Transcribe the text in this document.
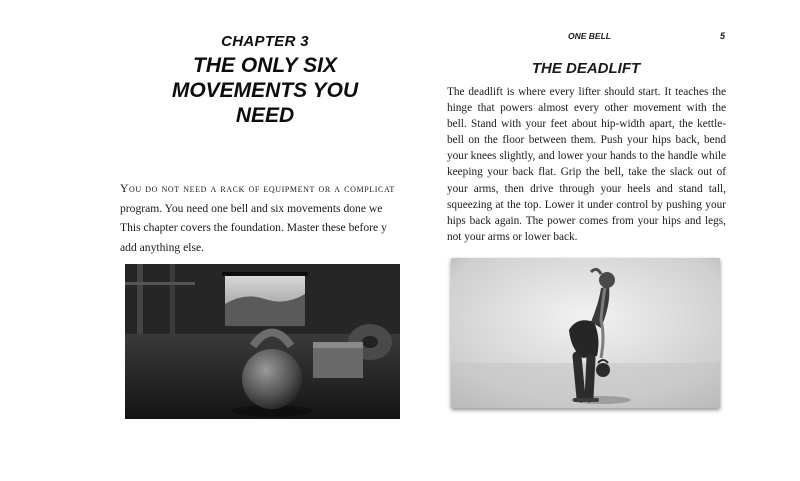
CHAPTER 3
THE ONLY SIX
MOVEMENTS YOU NEED
You do not need a rack of equipment or a complicat
program. You need one bell and six movements done we
This chapter covers the foundation. Master these before y
add anything else.
ONE BELL	5
THE DEADLIFT
The deadlift is where every lifter should start. It teaches the hinge that powers almost every other movement with the bell. Stand with your feet about hip-width apart, the kettle-bell on the floor between them. Push your hips back, bend your knees slightly, and lower your hands to the handle while keeping your back flat. Grip the bell, take the slack out of your arms, then drive through your heels and stand tall, squeezing at the top. Lower it under control by pushing your hips back again. The power comes from your hips and legs, not your arms or lower back.
